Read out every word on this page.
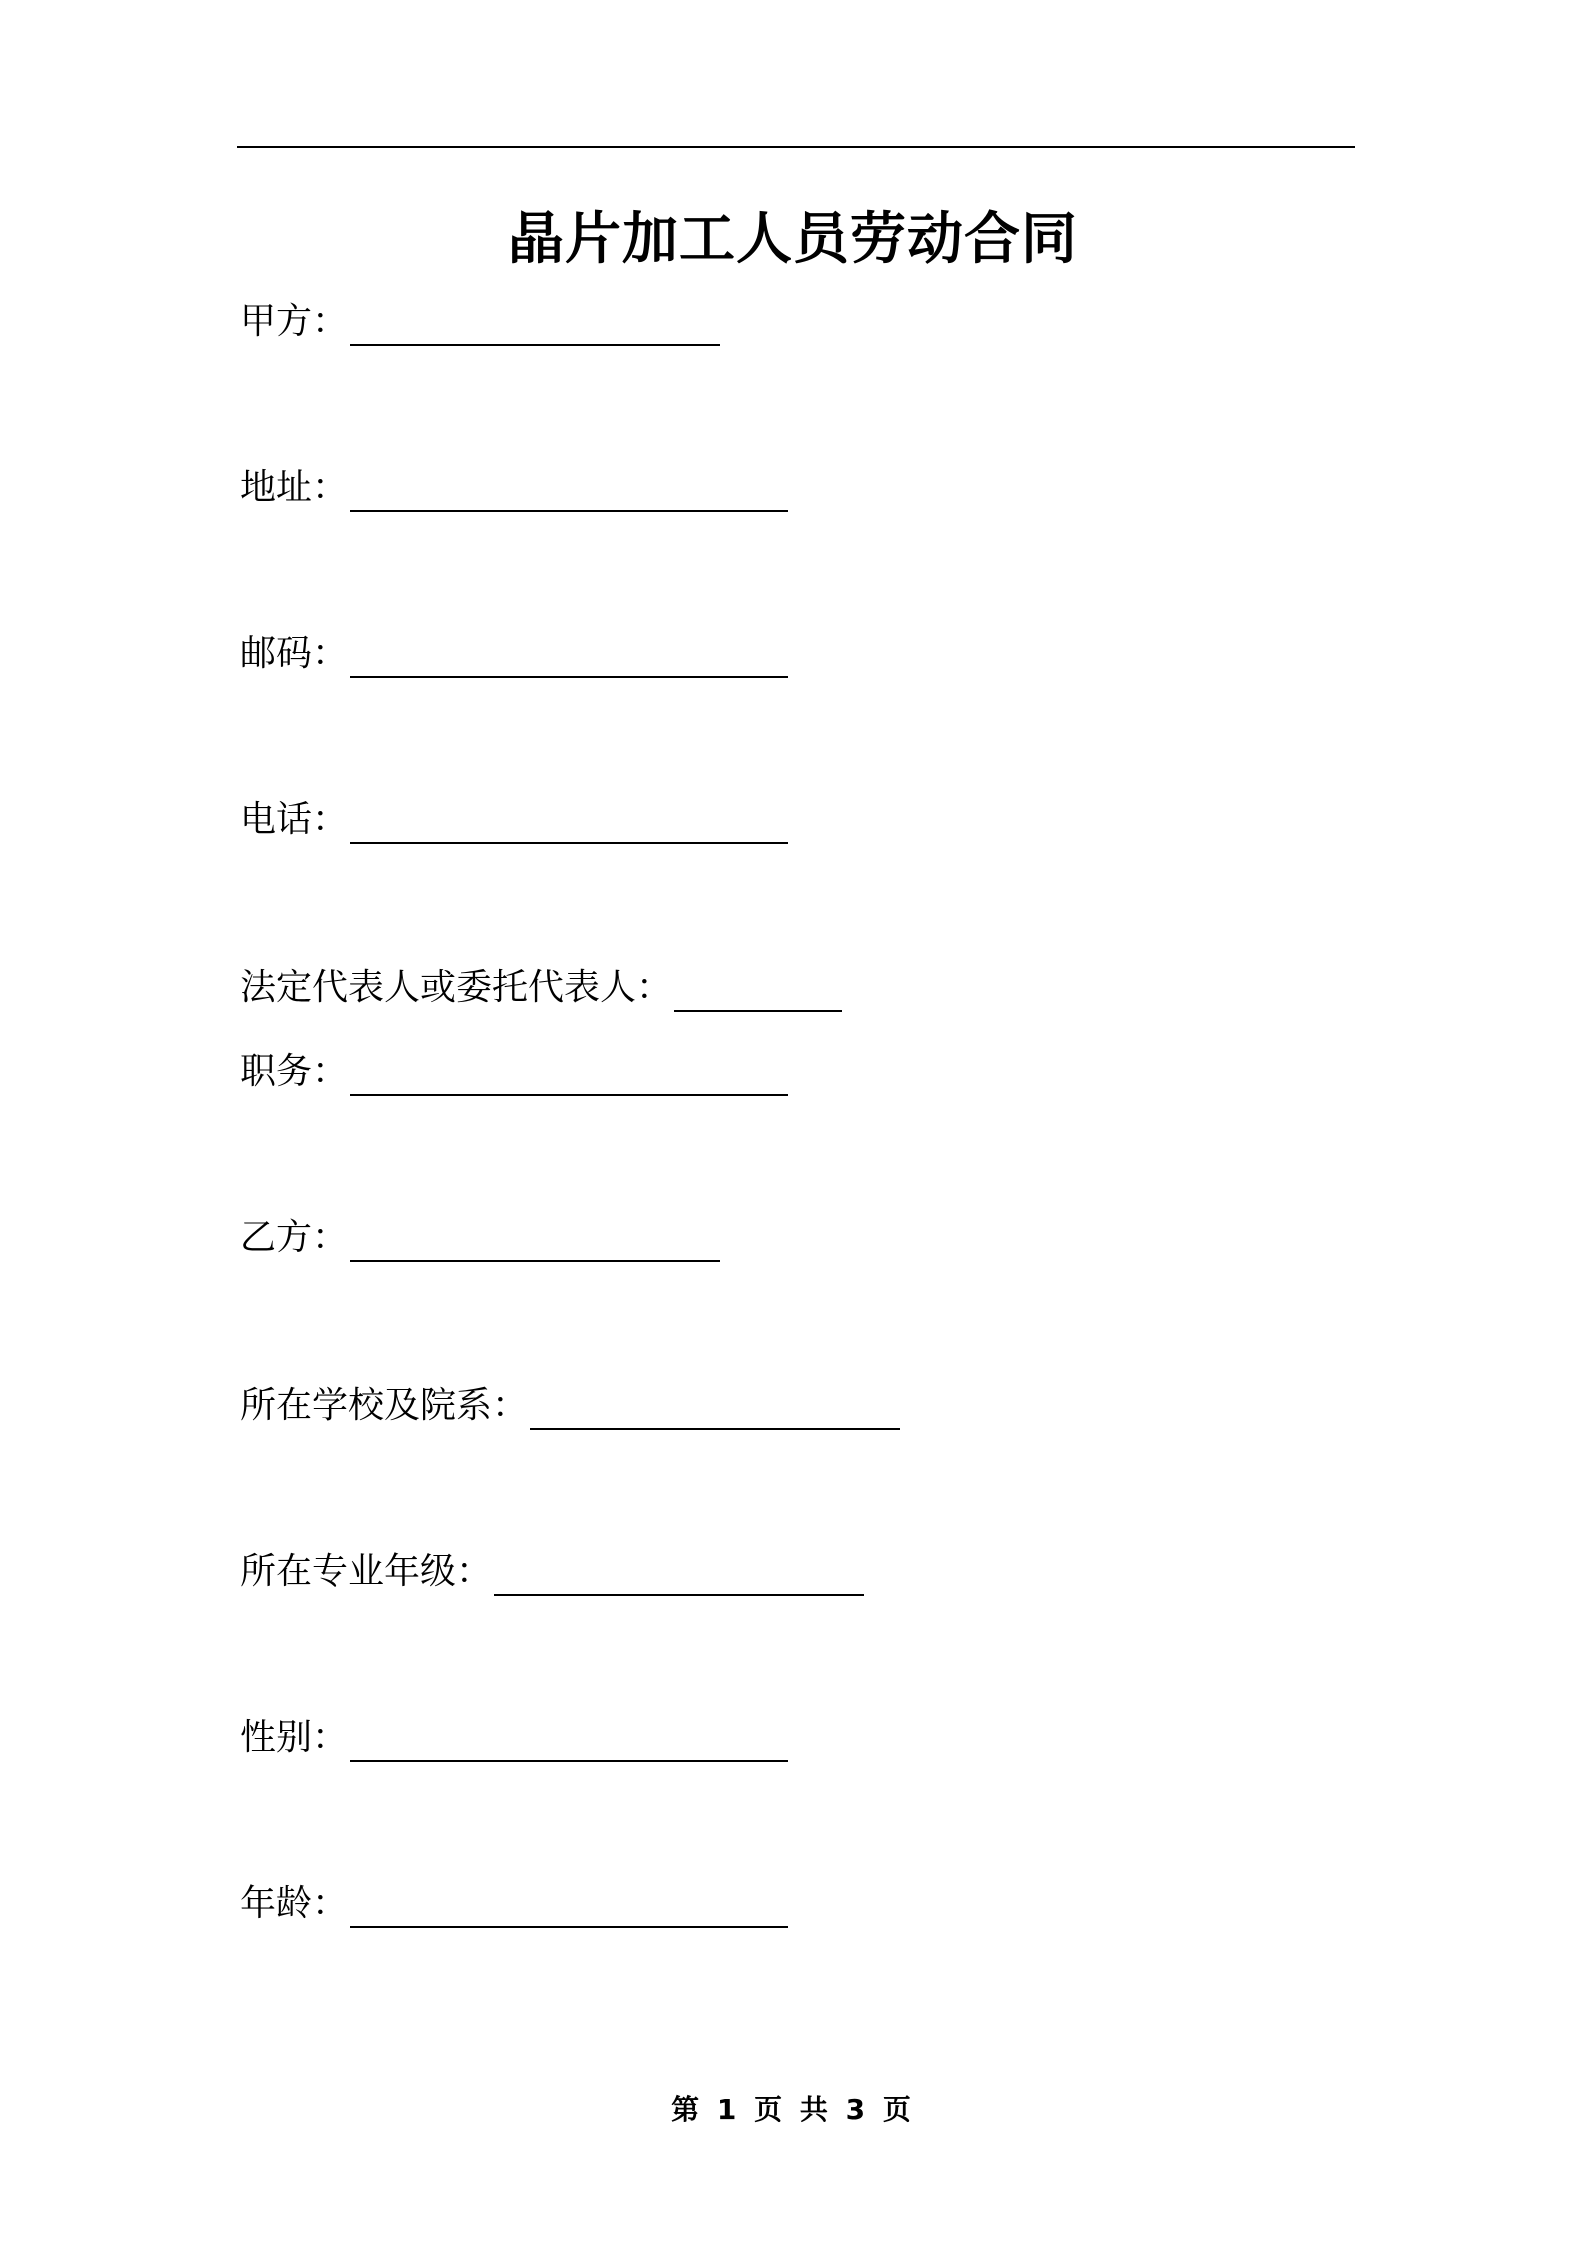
晶片加工人员劳动合同
甲方：
地址：
邮码：
电话：
法定代表人或委托代表人：
职务：
乙方：
所在学校及院系：
所在专业年级：
性别：
年龄：
第 1 页 共 3 页
